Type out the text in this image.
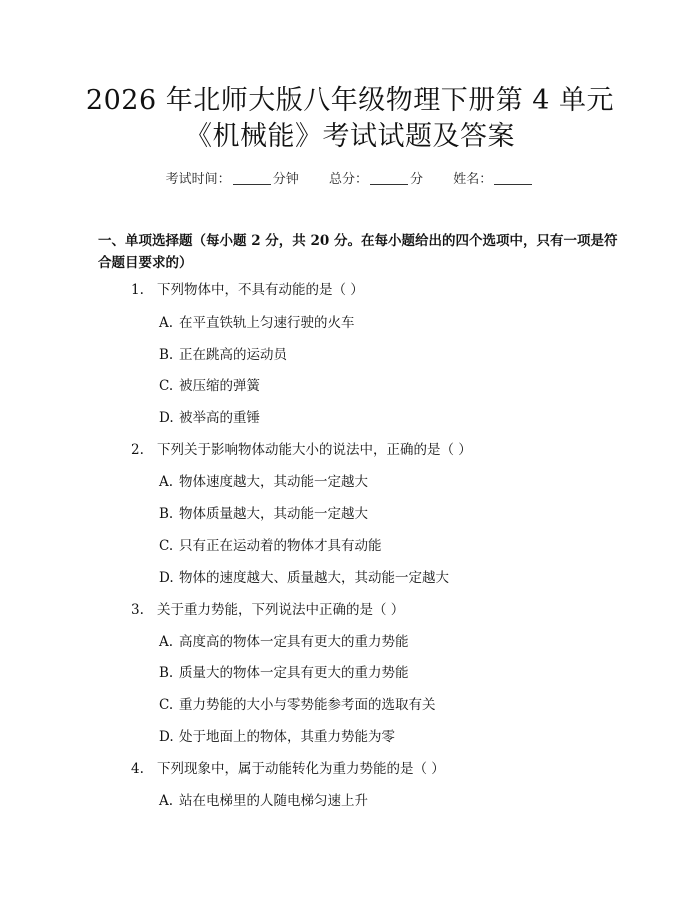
2026 年北师大版八年级物理下册第 4 单元
《机械能》考试试题及答案
考试时间：	分钟 总分：	分 姓名：
一、单项选择题（每小题 2 分，共 20 分。在每小题给出的四个选项中，只有一项是符合题目要求的）
1. 下列物体中，不具有动能的是（ ）
A. 在平直铁轨上匀速行驶的火车
B. 正在跳高的运动员
C. 被压缩的弹簧
D. 被举高的重锤
2. 下列关于影响物体动能大小的说法中，正确的是（ ）
A. 物体速度越大，其动能一定越大
B. 物体质量越大，其动能一定越大
C. 只有正在运动着的物体才具有动能
D. 物体的速度越大、质量越大，其动能一定越大
3. 关于重力势能，下列说法中正确的是（ ）
A. 高度高的物体一定具有更大的重力势能
B. 质量大的物体一定具有更大的重力势能
C. 重力势能的大小与零势能参考面的选取有关
D. 处于地面上的物体，其重力势能为零
4. 下列现象中，属于动能转化为重力势能的是（ ）
A. 站在电梯里的人随电梯匀速上升
